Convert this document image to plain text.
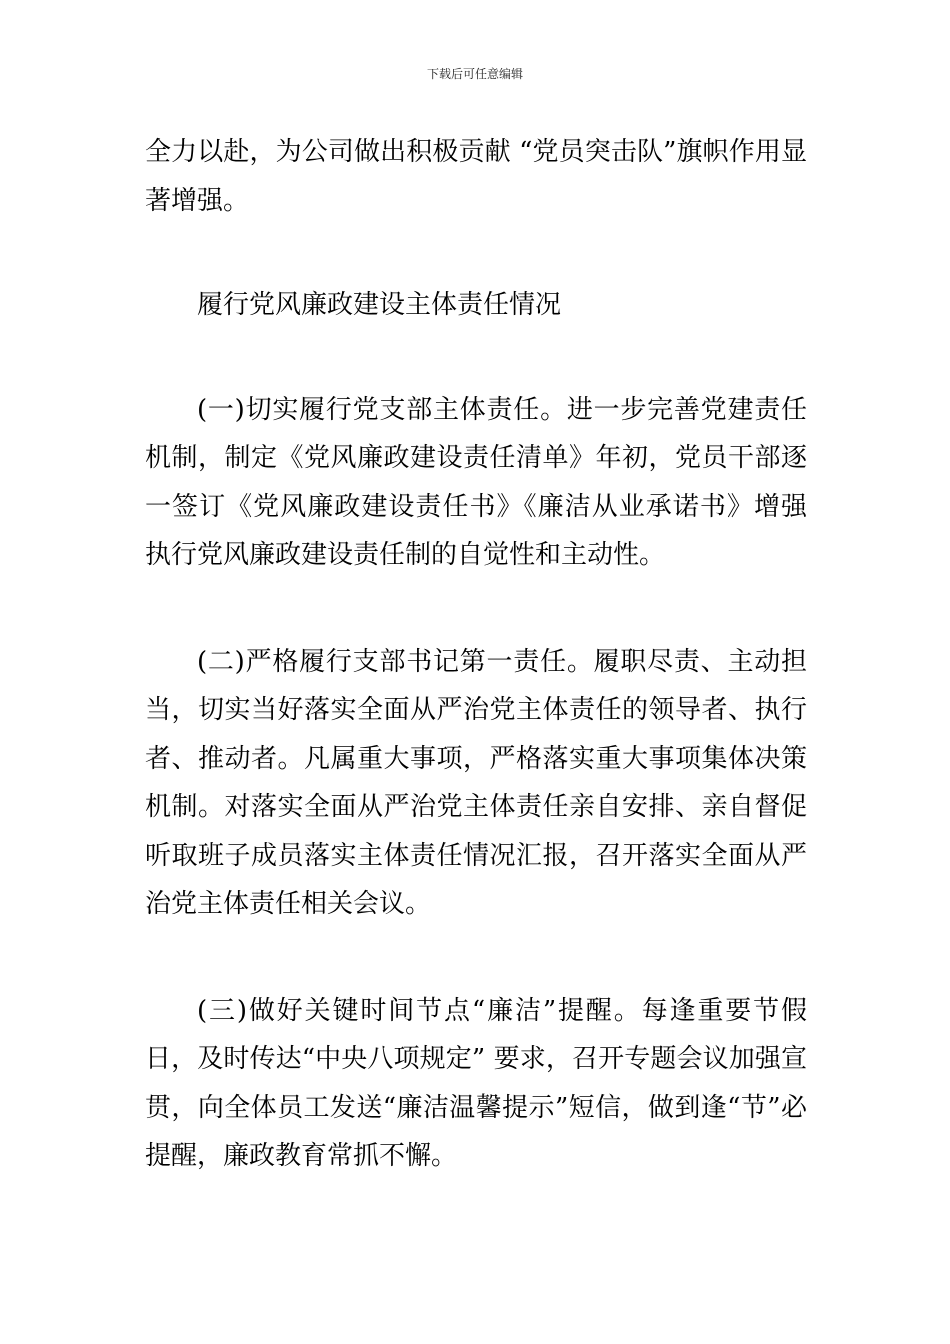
下载后可任意编辑

全力以赴，为公司做出积极贡献 “党员突击队”旗帜作用显著增强。

履行党风廉政建设主体责任情况

(一)切实履行党支部主体责任。进一步完善党建责任机制，制定《党风廉政建设责任清单》年初，党员干部逐一签订《党风廉政建设责任书》《廉洁从业承诺书》增强执行党风廉政建设责任制的自觉性和主动性。

(二)严格履行支部书记第一责任。履职尽责、主动担当，切实当好落实全面从严治党主体责任的领导者、执行者、推动者。凡属重大事项，严格落实重大事项集体决策机制。对落实全面从严治党主体责任亲自安排、亲自督促听取班子成员落实主体责任情况汇报，召开落实全面从严治党主体责任相关会议。

(三)做好关键时间节点“廉洁”提醒。每逢重要节假日，及时传达“中央八项规定” 要求，召开专题会议加强宣贯，向全体员工发送“廉洁温馨提示”短信，做到逢“节”必提醒，廉政教育常抓不懈。
